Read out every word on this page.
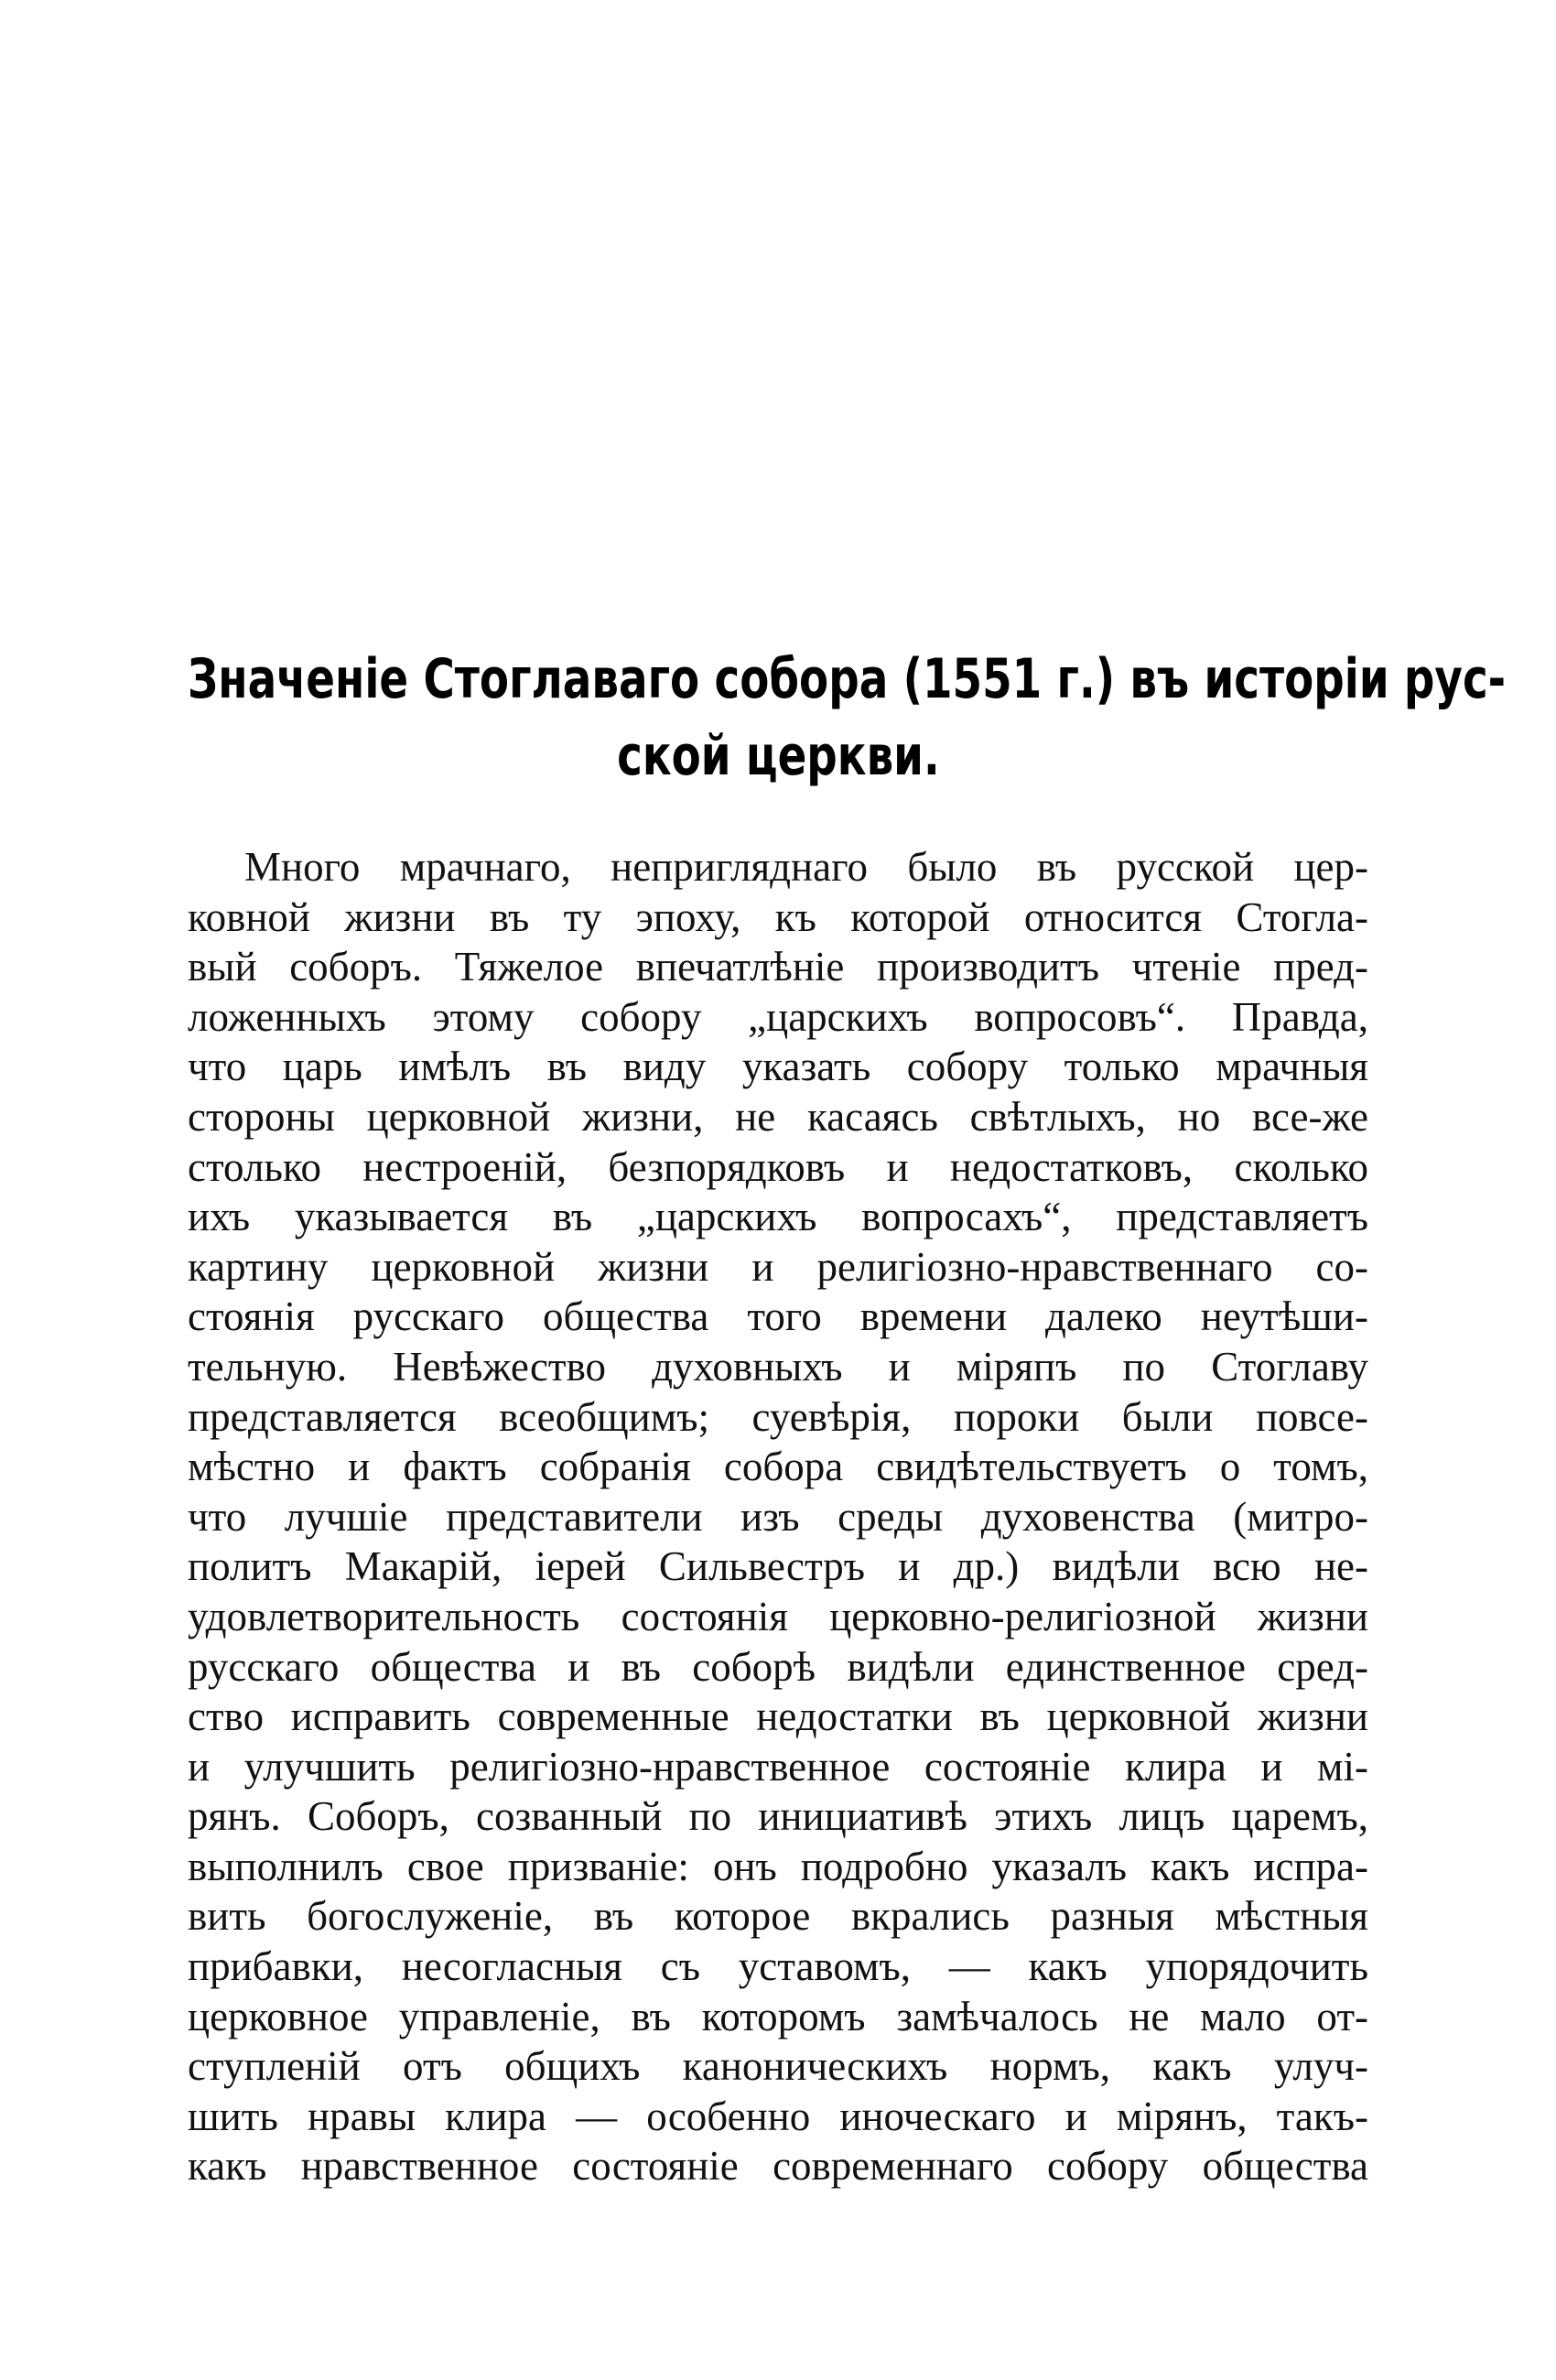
Значеніе Стоглаваго собора (1551 г.) въ исторіи рус-
ской церкви.
Много мрачнаго, непригляднаго было въ русской цер-
ковной жизни въ ту эпоху, къ которой относится Стогла-
вый соборъ. Тяжелое впечатлѣніе производитъ чтеніе пред-
ложенныхъ этому собору „царскихъ вопросовъ“. Правда,
что царь имѣлъ въ виду указать собору только мрачныя
стороны церковной жизни, не касаясь свѣтлыхъ, но все-же
столько нестроеній, безпорядковъ и недостатковъ, сколько
ихъ указывается въ „царскихъ вопросахъ“, представляетъ
картину церковной жизни и религіозно-нравственнаго со-
стоянія русскаго общества того времени далеко неутѣши-
тельную. Невѣжество духовныхъ и міряпъ по Стоглаву
представляется всеобщимъ; суевѣрія, пороки были повсе-
мѣстно и фактъ собранія собора свидѣтельствуетъ о томъ,
что лучшіе представители изъ среды духовенства (митро-
политъ Макарій, іерей Сильвестръ и др.) видѣли всю не-
удовлетворительность состоянія церковно-религіозной жизни
русскаго общества и въ соборѣ видѣли единственное сред-
ство исправить современные недостатки въ церковной жизни
и улучшить религіозно-нравственное состояніе клира и мі-
рянъ. Соборъ, созванный по инициативѣ этихъ лицъ царемъ,
выполнилъ свое призваніе: онъ подробно указалъ какъ испра-
вить богослуженіе, въ которое вкрались разныя мѣстныя
прибавки, несогласныя съ уставомъ, — какъ упорядочить
церковное управленіе, въ которомъ замѣчалось не мало от-
ступленій отъ общихъ каноническихъ нормъ, какъ улуч-
шить нравы клира — особенно иноческаго и мірянъ, такъ-
какъ нравственное состояніе современнаго собору общества
